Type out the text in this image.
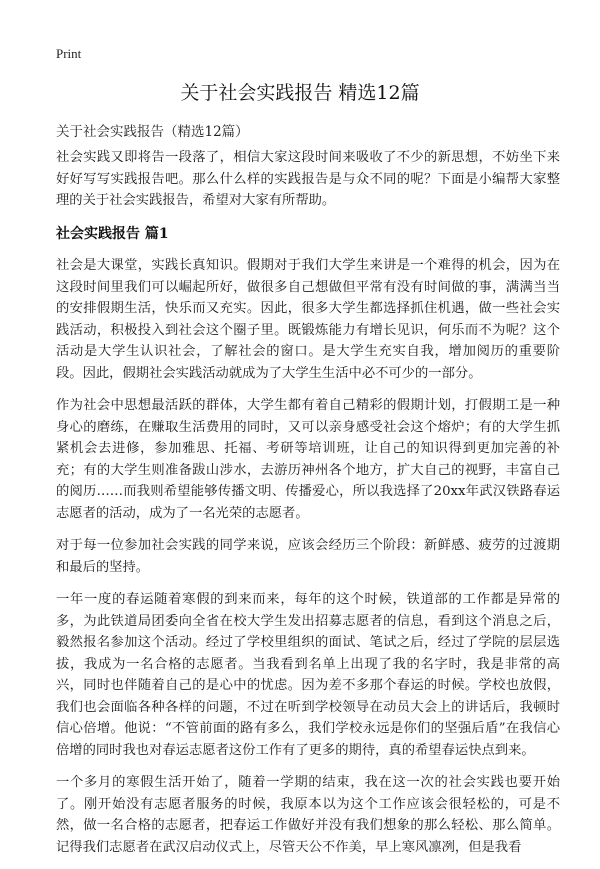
Print
关于社会实践报告 精选12篇
关于社会实践报告（精选12篇）

社会实践又即将告一段落了，相信大家这段时间来吸收了不少的新思想，不妨坐下来好好写写实践报告吧。那么什么样的实践报告是与众不同的呢？下面是小编帮大家整理的关于社会实践报告，希望对大家有所帮助。

社会实践报告 篇1

社会是大课堂，实践长真知识。假期对于我们大学生来讲是一个难得的机会，因为在这段时间里我们可以崛起所好，做很多自己想做但平常有没有时间做的事，满满当当的安排假期生活，快乐而又充实。因此，很多大学生都选择抓住机遇，做一些社会实践活动，积极投入到社会这个圈子里。既锻炼能力有增长见识，何乐而不为呢？这个活动是大学生认识社会，了解社会的窗口。是大学生充实自我，增加阅历的重要阶段。因此，假期社会实践活动就成为了大学生生活中必不可少的一部分。

作为社会中思想最活跃的群体，大学生都有着自己精彩的假期计划，打假期工是一种身心的磨练，在赚取生活费用的同时，又可以亲身感受社会这个熔炉；有的大学生抓紧机会去进修，参加雅思、托福、考研等培训班，让自己的知识得到更加完善的补充；有的大学生则准备跋山涉水，去游历神州各个地方，扩大自己的视野，丰富自己的阅历……而我则希望能够传播文明、传播爱心，所以我选择了20xx年武汉铁路春运志愿者的活动，成为了一名光荣的志愿者。

对于每一位参加社会实践的同学来说，应该会经历三个阶段：新鲜感、疲劳的过渡期和最后的坚持。

一年一度的春运随着寒假的到来而来，每年的这个时候，铁道部的工作都是异常的多，为此铁道局团委向全省在校大学生发出招募志愿者的信息，看到这个消息之后，毅然报名参加这个活动。经过了学校里组织的面试、笔试之后，经过了学院的层层选拔，我成为一名合格的志愿者。当我看到名单上出现了我的名字时，我是非常的高兴，同时也伴随着自己的是心中的忧虑。因为差不多那个春运的时候。学校也放假，我们也会面临各种各样的问题，不过在听到学校领导在动员大会上的讲话后，我顿时信心倍增。他说：“不管前面的路有多么，我们学校永远是你们的坚强后盾”在我信心倍增的同时我也对春运志愿者这份工作有了更多的期待，真的希望春运快点到来。

一个多月的寒假生活开始了，随着一学期的结束，我在这一次的社会实践也要开始了。刚开始没有志愿者服务的时候，我原本以为这个工作应该会很轻松的，可是不然，做一名合格的志愿者，把春运工作做好并没有我们想象的那么轻松、那么简单。记得我们志愿者在武汉启动仪式上，尽管天公不作美，早上寒风凛冽，但是我看
